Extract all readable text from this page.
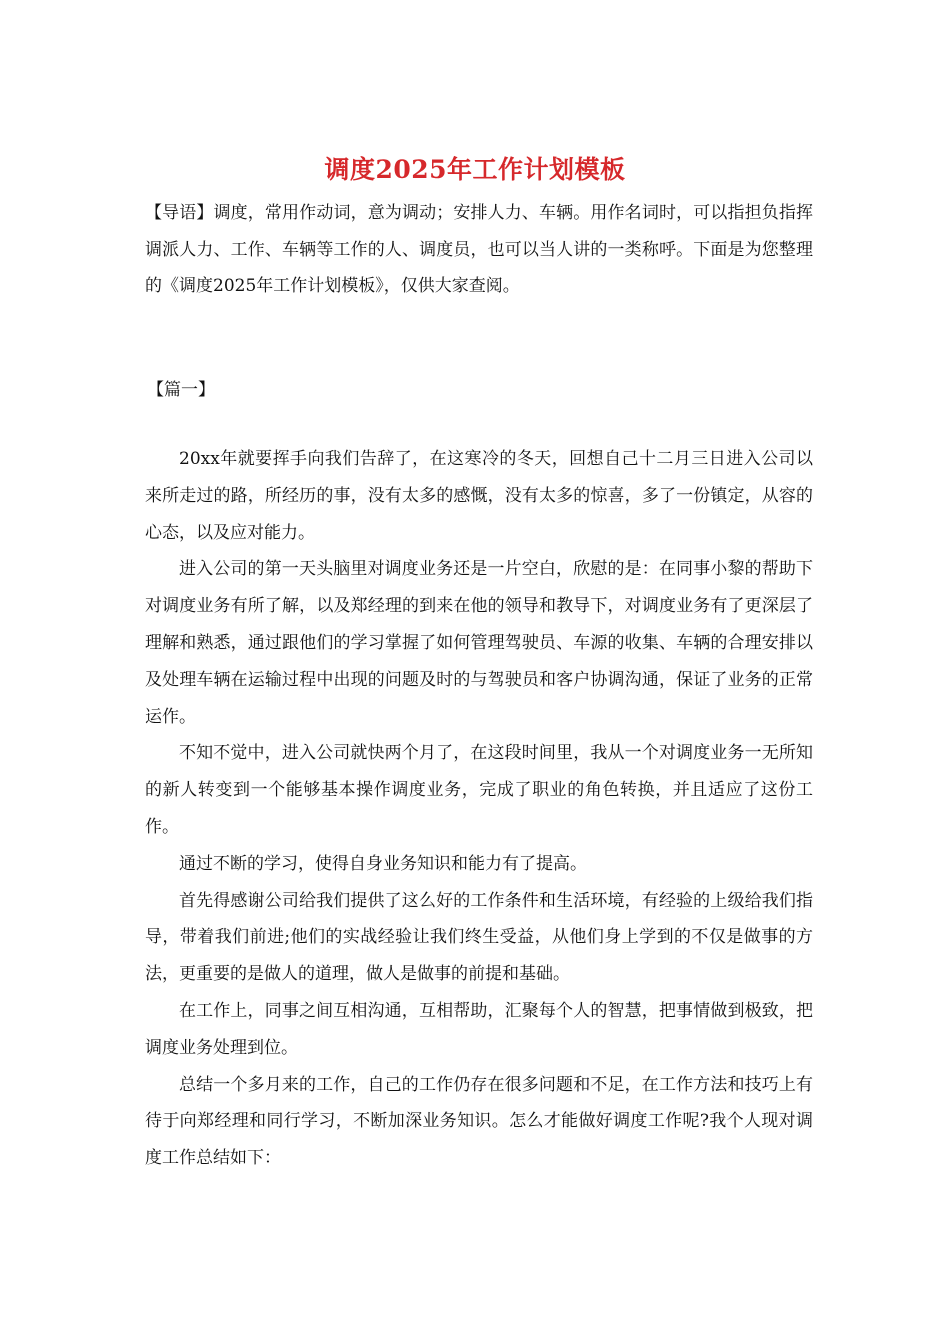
调度2025年工作计划模板
【导语】调度，常用作动词，意为调动；安排人力、车辆。用作名词时，可以指担负指挥调派人力、工作、车辆等工作的人、调度员，也可以当人讲的一类称呼。下面是为您整理的《调度2025年工作计划模板》，仅供大家查阅。
【篇一】

20xx年就要挥手向我们告辞了，在这寒冷的冬天，回想自己十二月三日进入公司以来所走过的路，所经历的事，没有太多的感慨，没有太多的惊喜，多了一份镇定，从容的心态，以及应对能力。

进入公司的第一天头脑里对调度业务还是一片空白，欣慰的是：在同事小黎的帮助下对调度业务有所了解，以及郑经理的到来在他的领导和教导下，对调度业务有了更深层了理解和熟悉，通过跟他们的学习掌握了如何管理驾驶员、车源的收集、车辆的合理安排以及处理车辆在运输过程中出现的问题及时的与驾驶员和客户协调沟通，保证了业务的正常运作。

不知不觉中，进入公司就快两个月了，在这段时间里，我从一个对调度业务一无所知的新人转变到一个能够基本操作调度业务，完成了职业的角色转换，并且适应了这份工作。

通过不断的学习，使得自身业务知识和能力有了提高。

首先得感谢公司给我们提供了这么好的工作条件和生活环境，有经验的上级给我们指导，带着我们前进;他们的实战经验让我们终生受益，从他们身上学到的不仅是做事的方法，更重要的是做人的道理，做人是做事的前提和基础。

在工作上，同事之间互相沟通，互相帮助，汇聚每个人的智慧，把事情做到极致，把调度业务处理到位。

总结一个多月来的工作，自己的工作仍存在很多问题和不足，在工作方法和技巧上有待于向郑经理和同行学习，不断加深业务知识。怎么才能做好调度工作呢?我个人现对调度工作总结如下：
